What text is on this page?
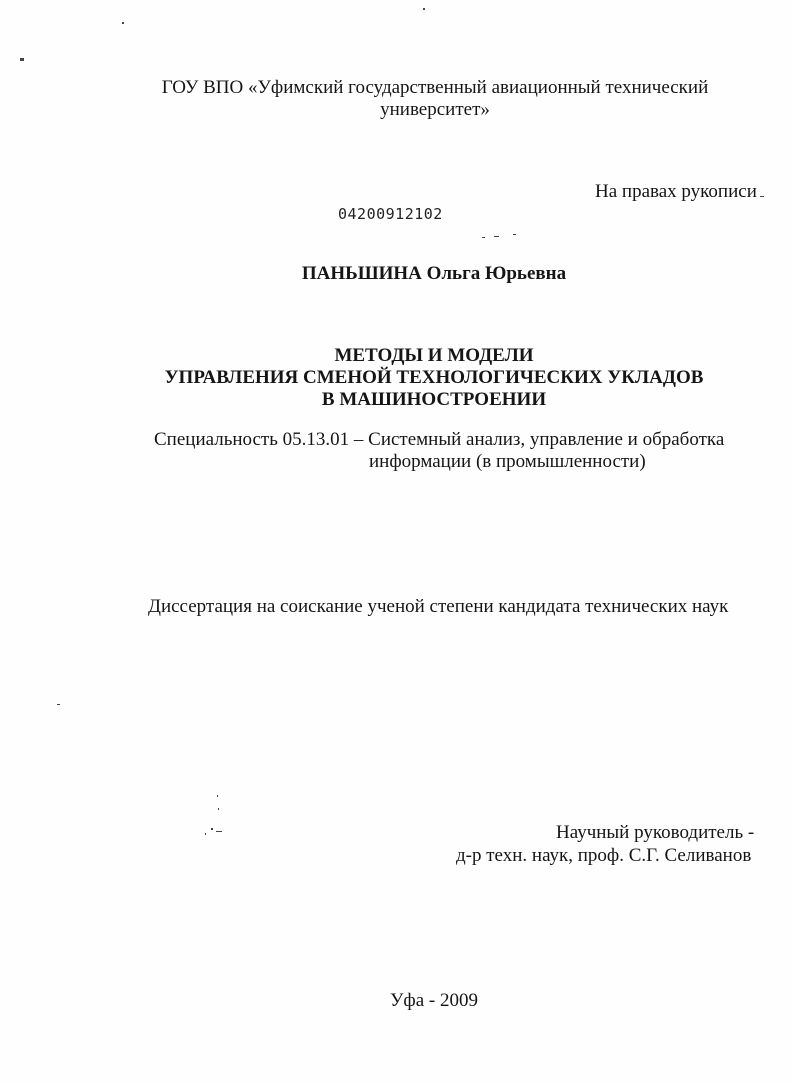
ГОУ ВПО «Уфимский государственный авиационный технический
университет»
На правах рукописи
04200912102
ПАНЬШИНА Ольга Юрьевна
МЕТОДЫ И МОДЕЛИ
УПРАВЛЕНИЯ СМЕНОЙ ТЕХНОЛОГИЧЕСКИХ УКЛАДОВ
В МАШИНОСТРОЕНИИ
Специальность 05.13.01 – Системный анализ, управление и обработка
информации (в промышленности)
Диссертация на соискание ученой степени кандидата технических наук
Научный руководитель -
д-р техн. наук, проф. С.Г. Селиванов
Уфа - 2009
